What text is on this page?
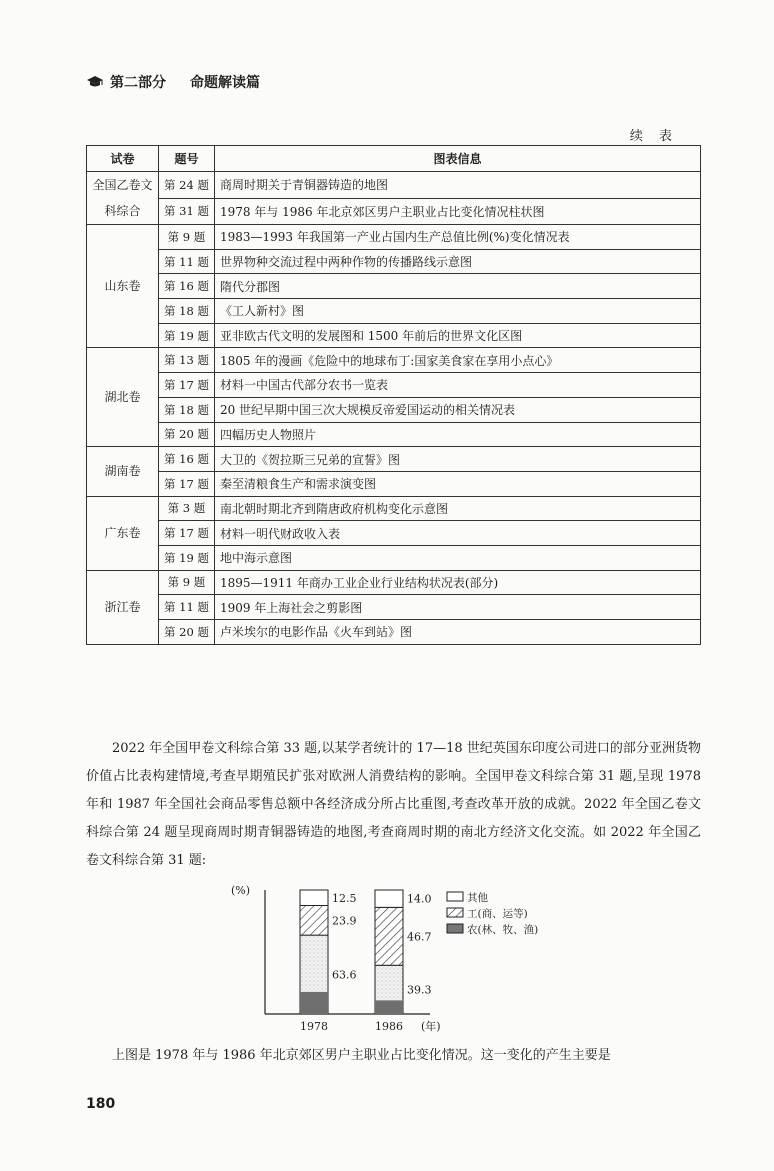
第二部分 命题解读篇
续 表
试卷	题号	图表信息
全国乙卷文科综合	第 24 题	商周时期关于青铜器铸造的地图
	第 31 题	1978 年与 1986 年北京郊区男户主职业占比变化情况柱状图
山东卷	第 9 题	1983—1993 年我国第一产业占国内生产总值比例(%)变化情况表
	第 11 题	世界物种交流过程中两种作物的传播路线示意图
	第 16 题	隋代分郡图
	第 18 题	《工人新村》图
	第 19 题	亚非欧古代文明的发展图和 1500 年前后的世界文化区图
湖北卷	第 13 题	1805 年的漫画《危险中的地球布丁:国家美食家在享用小点心》
	第 17 题	材料一中国古代部分农书一览表
	第 18 题	20 世纪早期中国三次大规模反帝爱国运动的相关情况表
	第 20 题	四幅历史人物照片
湖南卷	第 16 题	大卫的《贺拉斯三兄弟的宣誓》图
	第 17 题	秦至清粮食生产和需求演变图
广东卷	第 3 题	南北朝时期北齐到隋唐政府机构变化示意图
	第 17 题	材料一明代财政收入表
	第 19 题	地中海示意图
浙江卷	第 9 题	1895—1911 年商办工业企业行业结构状况表(部分)
	第 11 题	1909 年上海社会之剪影图
	第 20 题	卢米埃尔的电影作品《火车到站》图

2022 年全国甲卷文科综合第 33 题,以某学者统计的 17—18 世纪英国东印度公司进口的部分亚洲货物价值占比表构建情境,考查早期殖民扩张对欧洲人消费结构的影响。全国甲卷文科综合第 31 题,呈现 1978 年和 1987 年全国社会商品零售总额中各经济成分所占比重图,考查改革开放的成就。2022 年全国乙卷文科综合第 24 题呈现商周时期青铜器铸造的地图,考查商周时期的南北方经济文化交流。如 2022 年全国乙卷文科综合第 31 题:

(%)
63.6
23.9
12.5
1978
39.3
46.7
14.0
1986 (年)
其他
工(商、运等)
农(林、牧、渔)
上图是 1978 年与 1986 年北京郊区男户主职业占比变化情况。这一变化的产生主要是
180
